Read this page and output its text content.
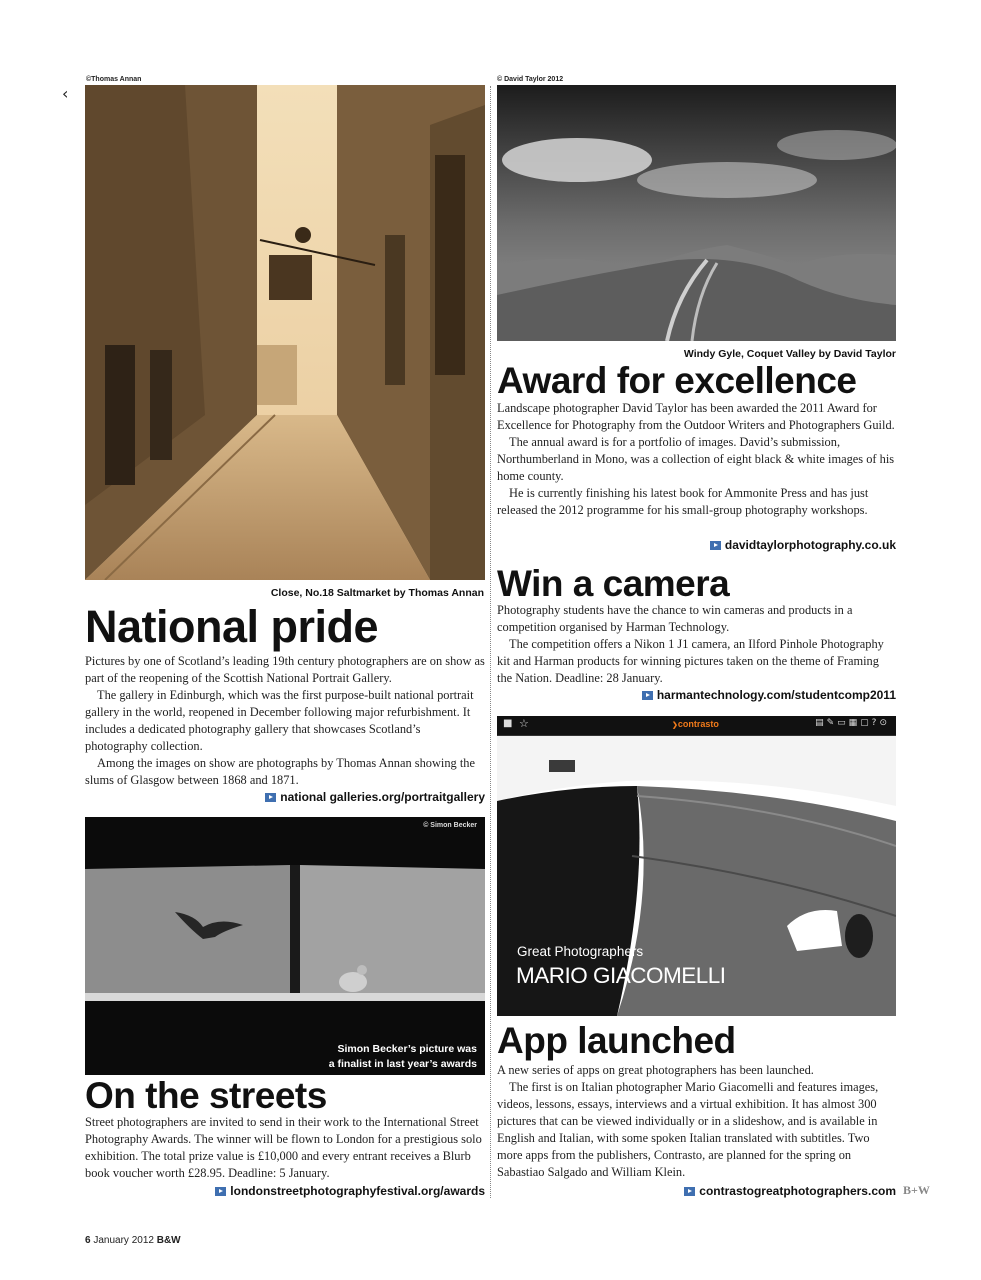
‹
©Thomas Annan
Close, No.18 Saltmarket by Thomas Annan
National pride

Pictures by one of Scotland’s leading 19th century photographers are on show as part of the reopening of the Scottish National Portrait Gallery.

The gallery in Edinburgh, which was the first purpose-built national portrait gallery in the world, reopened in December following major refurbishment. It includes a dedicated photography gallery that showcases Scotland’s photography collection.

Among the images on show are photographs by Thomas Annan showing the slums of Glasgow between 1868 and 1871.

national galleries.org/portraitgallery
© Simon Becker
Simon Becker’s picture was
a finalist in last year’s awards
On the streets

Street photographers are invited to send in their work to the International Street Photography Awards. The winner will be flown to London for a prestigious solo exhibition. The total prize value is £10,000 and every entrant receives a Blurb book voucher worth £28.95. Deadline: 5 January.

londonstreetphotographyfestival.org/awards
© David Taylor 2012
Windy Gyle, Coquet Valley by David Taylor
Award for excellence

Landscape photographer David Taylor has been awarded the 2011 Award for Excellence for Photography from the Outdoor Writers and Photographers Guild.

The annual award is for a portfolio of images. David’s submission, Northumberland in Mono, was a collection of eight black & white images of his home county.

He is currently finishing his latest book for Ammonite Press and has just released the 2012 programme for his small-group photography workshops.

davidtaylorphotography.co.uk
Win a camera

Photography students have the chance to win cameras and products in a competition organised by Harman Technology.

The competition offers a Nikon 1 J1 camera, an Ilford Pinhole Photography kit and Harman products for winning pictures taken on the theme of Framing the Nation. Deadline: 28 January.

harmantechnology.com/studentcomp2011
■ ☆	❯contrasto	▤✎▭▦▢?⊙
Great Photographers
MARIO GIACOMELLI
App launched

A new series of apps on great photographers has been launched.

The first is on Italian photographer Mario Giacomelli and features images, videos, lessons, essays, interviews and a virtual exhibition. It has almost 300 pictures that can be viewed individually or in a slideshow, and is available in English and Italian, with some spoken Italian translated with subtitles. Two more apps from the publishers, Contrasto, are planned for the spring on Sabastiao Salgado and William Klein.

contrastogreatphotographers.com B+W
6 January 2012 B&W
